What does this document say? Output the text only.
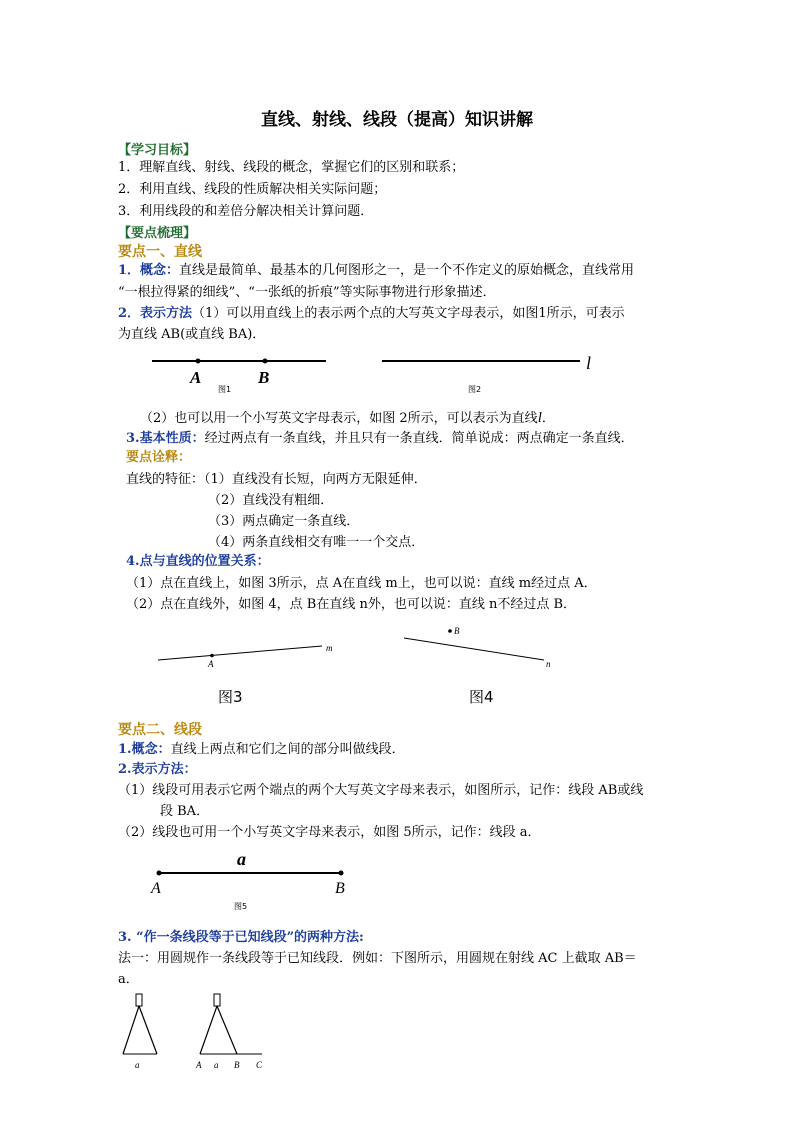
直线、射线、线段（提高）知识讲解
【学习目标】
1．理解直线、射线、线段的概念，掌握它们的区别和联系；
2．利用直线、线段的性质解决相关实际问题；
3．利用线段的和差倍分解决相关计算问题．
【要点梳理】
要点一、直线
1．概念：直线是最简单、最基本的几何图形之一，是一个不作定义的原始概念，直线常用
“一根拉得紧的细线”、“一张纸的折痕”等实际事物进行形象描述．
2．表示方法（1）可以用直线上的表示两个点的大写英文字母表示，如图1所示，可表示
为直线 AB(或直线 BA)．
A	B
l
图1	图2
（2）也可以用一个小写英文字母表示，如图 2所示，可以表示为直线l．
3.基本性质：经过两点有一条直线，并且只有一条直线．简单说成：两点确定一条直线．
要点诠释：
直线的特征：（1）直线没有长短，向两方无限延伸．
（2）直线没有粗细．
（3）两点确定一条直线．
（4）两条直线相交有唯一一个交点．
4.点与直线的位置关系：
（1）点在直线上，如图 3所示，点 A在直线 m上，也可以说：直线 m经过点 A．
（2）点在直线外，如图 4，点 B在直线 n外，也可以说：直线 n不经过点 B．
A
m
B
n
图3	图4
要点二、线段
1.概念：直线上两点和它们之间的部分叫做线段．
2.表示方法：
（1）线段可用表示它两个端点的两个大写英文字母来表示，如图所示，记作：线段 AB或线
段 BA．
（2）线段也可用一个小写英文字母来表示，如图 5所示，记作：线段 a．
a
A	B
图5
3. “作一条线段等于已知线段”的两种方法:
法一：用圆规作一条线段等于已知线段．例如：下图所示，用圆规在射线 AC 上截取 AB＝
a．
a	A a B C
